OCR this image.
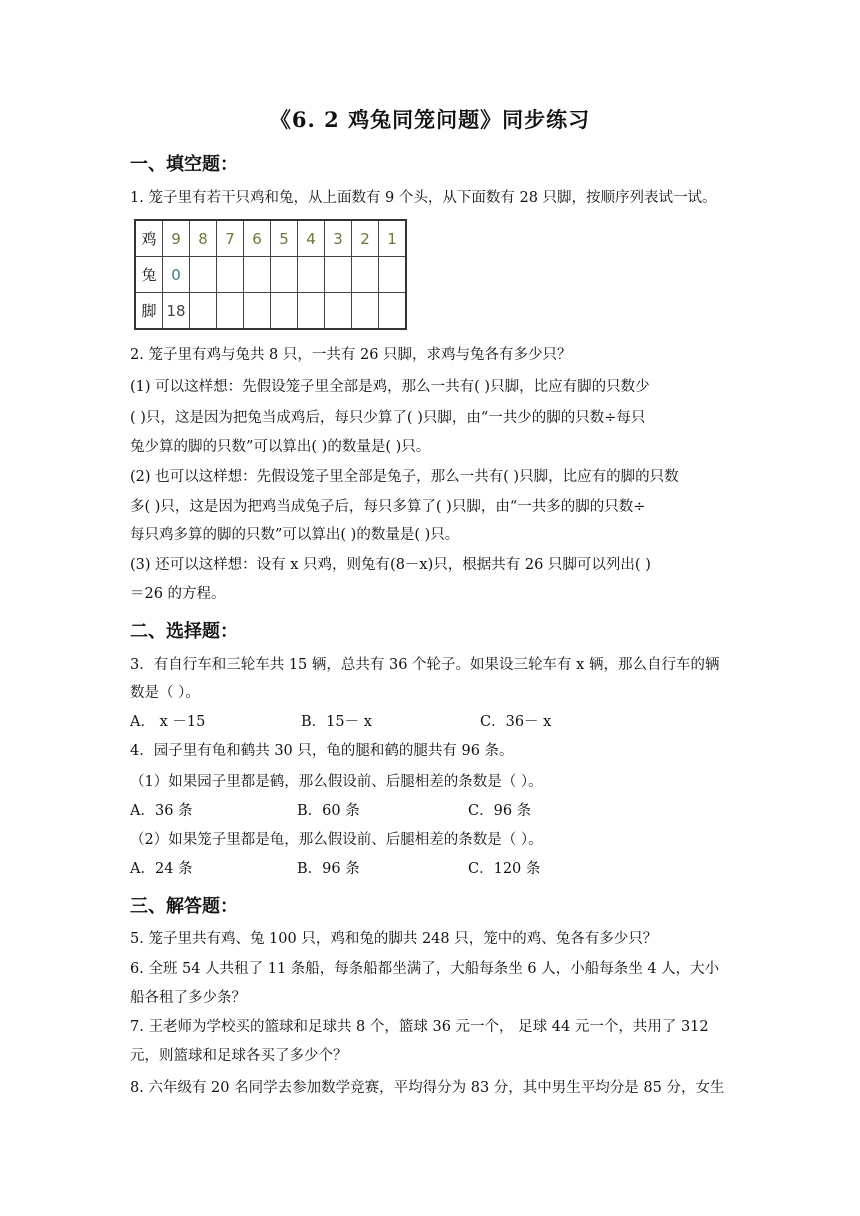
《6. 2 鸡兔同笼问题》同步练习
一、填空题：
1. 笼子里有若干只鸡和兔，从上面数有 9 个头，从下面数有 28 只脚，按顺序列表试一试。
鸡	9	8	7	6	5	4	3	2	1
兔	0								
脚	18								
2. 笼子里有鸡与兔共 8 只，一共有 26 只脚，求鸡与兔各有多少只？
(1) 可以这样想：先假设笼子里全部是鸡，那么一共有( )只脚，比应有脚的只数少
( )只，这是因为把兔当成鸡后，每只少算了( )只脚，由“一共少的脚的只数÷每只
兔少算的脚的只数”可以算出( )的数量是( )只。
(2) 也可以这样想：先假设笼子里全部是兔子，那么一共有( )只脚，比应有的脚的只数
多( )只，这是因为把鸡当成兔子后，每只多算了( )只脚，由“一共多的脚的只数÷
每只鸡多算的脚的只数”可以算出( )的数量是( )只。
(3) 还可以这样想：设有 x 只鸡，则兔有(8－x)只，根据共有 26 只脚可以列出( )
＝26 的方程。
二、选择题：
3．有自行车和三轮车共 15 辆，总共有 36 个轮子。如果设三轮车有 x 辆，那么自行车的辆
数是（ ）。
A． x －15	B．15－ x	C．36－ x
4．园子里有龟和鹤共 30 只，龟的腿和鹤的腿共有 96 条。
（1）如果园子里都是鹤，那么假设前、后腿相差的条数是（ ）。
A．36 条	B．60 条	C．96 条
（2）如果笼子里都是龟，那么假设前、后腿相差的条数是（ ）。
A．24 条	B．96 条	C．120 条
三、解答题：
5. 笼子里共有鸡、兔 100 只，鸡和兔的脚共 248 只，笼中的鸡、兔各有多少只？
6. 全班 54 人共租了 11 条船，每条船都坐满了，大船每条坐 6 人，小船每条坐 4 人，大小
船各租了多少条？
7. 王老师为学校买的篮球和足球共 8 个，篮球 36 元一个， 足球 44 元一个，共用了 312
元，则篮球和足球各买了多少个？
8. 六年级有 20 名同学去参加数学竞赛，平均得分为 83 分，其中男生平均分是 85 分，女生
